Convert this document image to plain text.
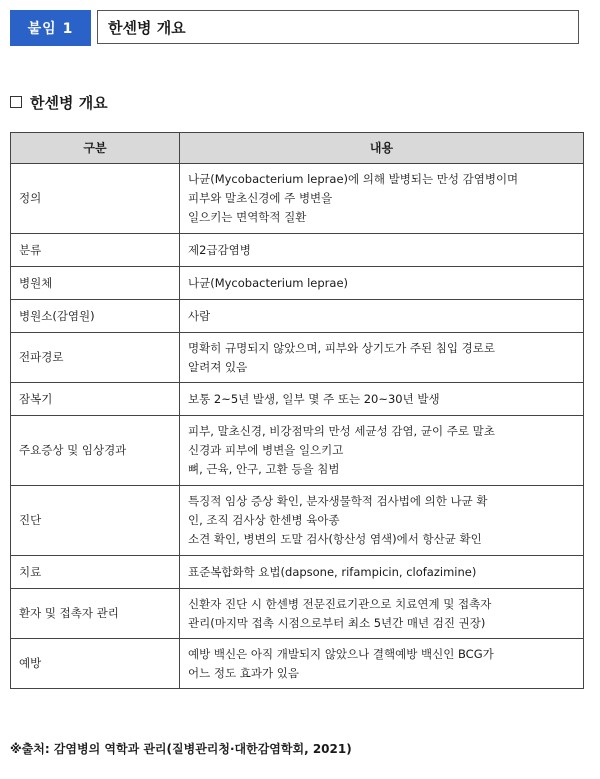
붙임 1	한센병 개요
한센병 개요
구분	내용
정의	나균(Mycobacterium leprae)에 의해 발병되는 만성 감염병이며
피부와 말초신경에 주 병변을
일으키는 면역학적 질환

분류	제2급감염병

병원체	나균(Mycobacterium leprae)

병원소(감염원)	사람

전파경로	명확히 규명되지 않았으며, 피부와 상기도가 주된 침입 경로로
알려져 있음

잠복기	보통 2~5년 발생, 일부 몇 주 또는 20~30년 발생

주요증상 및 임상경과	피부, 말초신경, 비강점막의 만성 세균성 감염, 균이 주로 말초
신경과 피부에 병변을 일으키고
뼈, 근육, 안구, 고환 등을 침범

진단	특징적 임상 증상 확인, 분자생물학적 검사법에 의한 나균 확
인, 조직 검사상 한센병 육아종
소견 확인, 병변의 도말 검사(항산성 염색)에서 항산균 확인

치료	표준복합화학 요법(dapsone, rifampicin, clofazimine)

환자 및 접촉자 관리	신환자 진단 시 한센병 전문진료기관으로 치료연계 및 접촉자
관리(마지막 접촉 시점으로부터 최소 5년간 매년 검진 권장)

예방	예방 백신은 아직 개발되지 않았으나 결핵예방 백신인 BCG가
어느 정도 효과가 있음
※출처: 감염병의 역학과 관리(질병관리청·대한감염학회, 2021)
